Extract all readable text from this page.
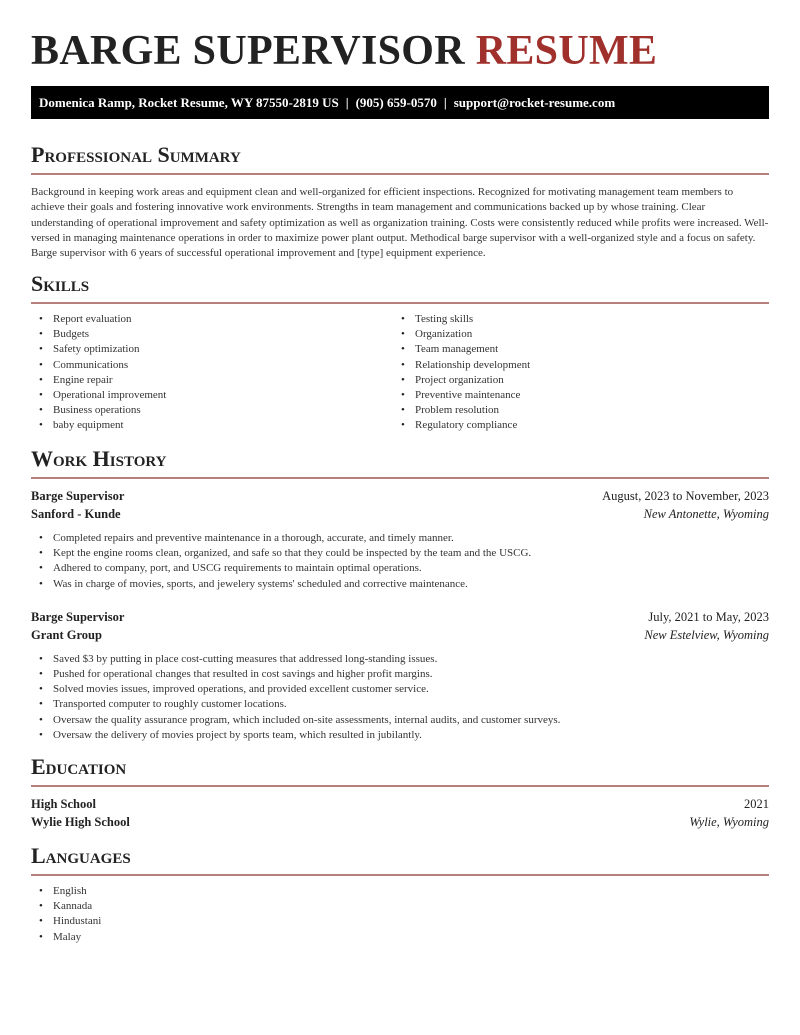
BARGE SUPERVISOR RESUME
Domenica Ramp, Rocket Resume, WY 87550-2819 US | (905) 659-0570 | support@rocket-resume.com
Professional Summary

Background in keeping work areas and equipment clean and well-organized for efficient inspections. Recognized for motivating management team members to achieve their goals and fostering innovative work environments. Strengths in team management and communications backed up by whose training. Clear understanding of operational improvement and safety optimization as well as organization training. Costs were consistently reduced while profits were increased. Well-versed in managing maintenance operations in order to maximize power plant output. Methodical barge supervisor with a well-organized style and a focus on safety. Barge supervisor with 6 years of successful operational improvement and [type] equipment experience.

Skills
• Report evaluation
• Budgets
• Safety optimization
• Communications
• Engine repair
• Operational improvement
• Business operations
• baby equipment
• Testing skills
• Organization
• Team management
• Relationship development
• Project organization
• Preventive maintenance
• Problem resolution
• Regulatory compliance
Work History
Barge Supervisor	August, 2023 to November, 2023
Sanford - Kunde	New Antonette, Wyoming
• Completed repairs and preventive maintenance in a thorough, accurate, and timely manner.
• Kept the engine rooms clean, organized, and safe so that they could be inspected by the team and the USCG.
• Adhered to company, port, and USCG requirements to maintain optimal operations.
• Was in charge of movies, sports, and jewelery systems' scheduled and corrective maintenance.
Barge Supervisor	July, 2021 to May, 2023
Grant Group	New Estelview, Wyoming
• Saved $3 by putting in place cost-cutting measures that addressed long-standing issues.
• Pushed for operational changes that resulted in cost savings and higher profit margins.
• Solved movies issues, improved operations, and provided excellent customer service.
• Transported computer to roughly customer locations.
• Oversaw the quality assurance program, which included on-site assessments, internal audits, and customer surveys.
• Oversaw the delivery of movies project by sports team, which resulted in jubilantly.
Education
High School	2021
Wylie High School	Wylie, Wyoming
Languages
• English
• Kannada
• Hindustani
• Malay
